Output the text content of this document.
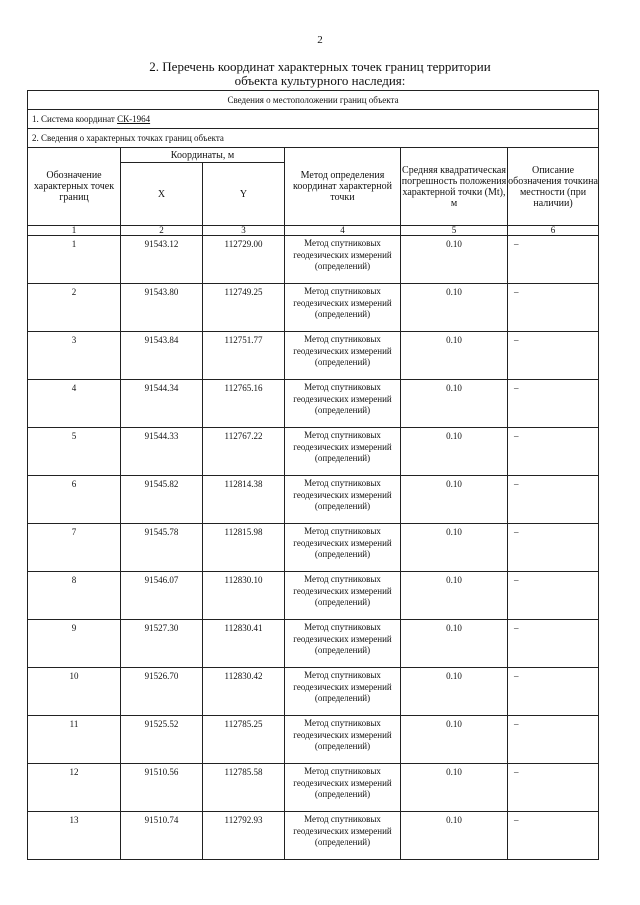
2
2. Перечень координат характерных точек границ территории
объекта культурного наследия:
Сведения о местоположении границ объекта					
1. Система координат СК-1964					
2. Сведения о характерных точках границ объекта					
Обозначение характерных точек границ	Координаты, м		Метод определения координат характерной точки	Средняя квадратическая погрешность положения характерной точки (Mt), м	Описание обозначения точкина местности (при наличии)
	X	Y			
1	2	3	4	5	6
1	91543.12	112729.00	Метод спутниковых геодезических измерений (определений)	0.10	–
2	91543.80	112749.25	Метод спутниковых геодезических измерений (определений)	0.10	–
3	91543.84	112751.77	Метод спутниковых геодезических измерений (определений)	0.10	–
4	91544.34	112765.16	Метод спутниковых геодезических измерений (определений)	0.10	–
5	91544.33	112767.22	Метод спутниковых геодезических измерений (определений)	0.10	–
6	91545.82	112814.38	Метод спутниковых геодезических измерений (определений)	0.10	–
7	91545.78	112815.98	Метод спутниковых геодезических измерений (определений)	0.10	–
8	91546.07	112830.10	Метод спутниковых геодезических измерений (определений)	0.10	–
9	91527.30	112830.41	Метод спутниковых геодезических измерений (определений)	0.10	–
10	91526.70	112830.42	Метод спутниковых геодезических измерений (определений)	0.10	–
11	91525.52	112785.25	Метод спутниковых геодезических измерений (определений)	0.10	–
12	91510.56	112785.58	Метод спутниковых геодезических измерений (определений)	0.10	–
13	91510.74	112792.93	Метод спутниковых геодезических измерений (определений)	0.10	–
